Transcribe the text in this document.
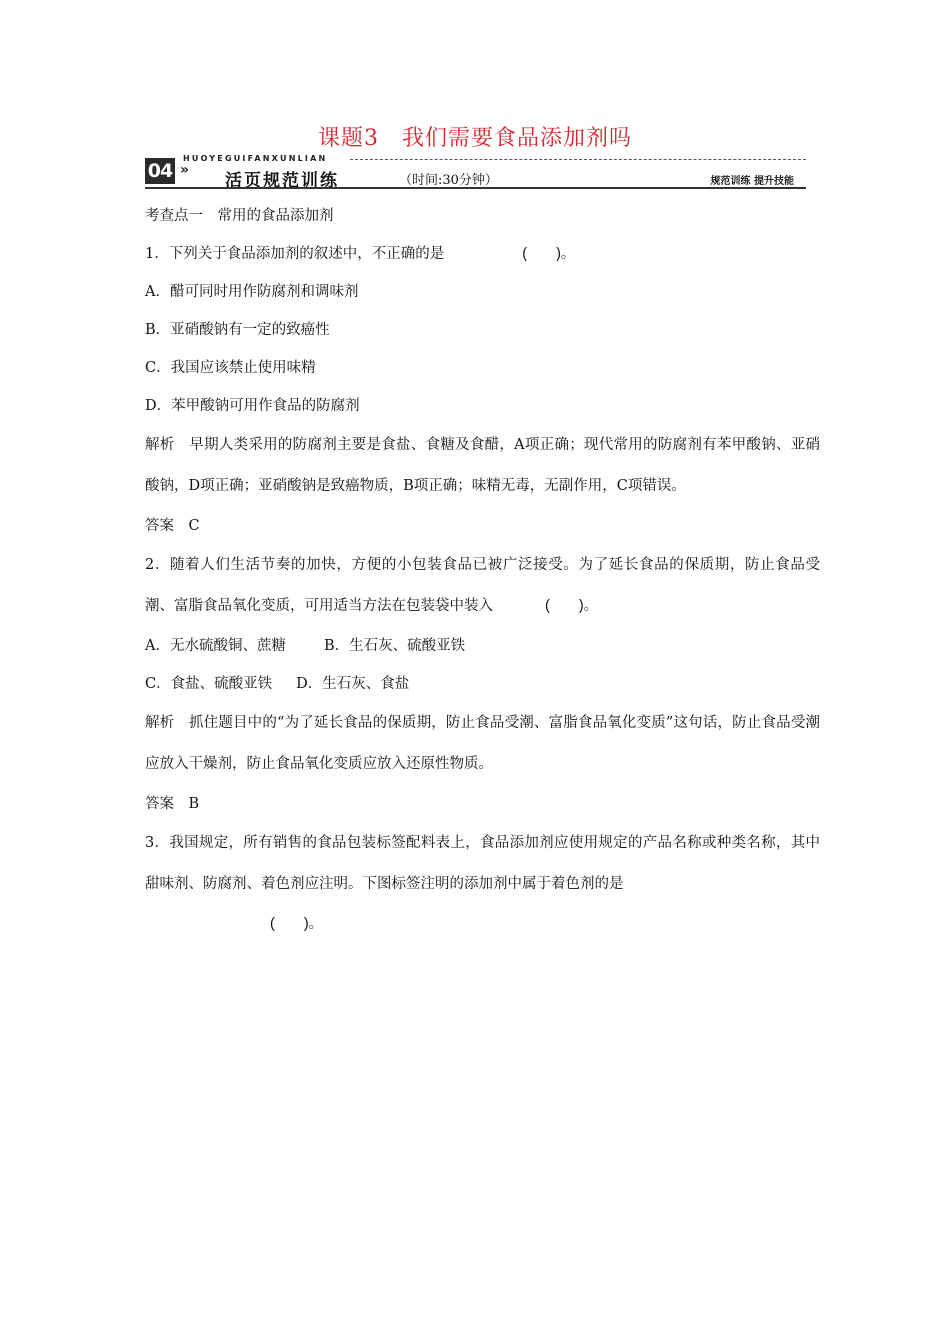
课题3　我们需要食品添加剂吗
04 »
HUOYEGUIFANXUNLIAN
活页规范训练	（时间:30分钟）	规范训练 提升技能

考查点一　常用的食品添加剂

1．下列关于食品添加剂的叙述中，不正确的是	(　　)。

A．醋可同时用作防腐剂和调味剂

B．亚硝酸钠有一定的致癌性

C．我国应该禁止使用味精

D．苯甲酸钠可用作食品的防腐剂

解析　早期人类采用的防腐剂主要是食盐、食糖及食醋，A项正确；现代常用的防腐剂有苯甲酸钠、亚硝酸钠，D项正确；亚硝酸钠是致癌物质，B项正确；味精无毒，无副作用，C项错误。

答案　C

2．随着人们生活节奏的加快，方便的小包装食品已被广泛接受。为了延长食品的保质期，防止食品受潮、富脂食品氧化变质，可用适当方法在包装袋中装入	(　　)。

A．无水硫酸铜、蔗糖	B．生石灰、硫酸亚铁

C．食盐、硫酸亚铁 D．生石灰、食盐

解析　抓住题目中的“为了延长食品的保质期，防止食品受潮、富脂食品氧化变质”这句话，防止食品受潮应放入干燥剂，防止食品氧化变质应放入还原性物质。

答案　B

3．我国规定，所有销售的食品包装标签配料表上，食品添加剂应使用规定的产品名称或种类名称，其中甜味剂、防腐剂、着色剂应注明。下图标签注明的添加剂中属于着色剂的是

(　　)。
